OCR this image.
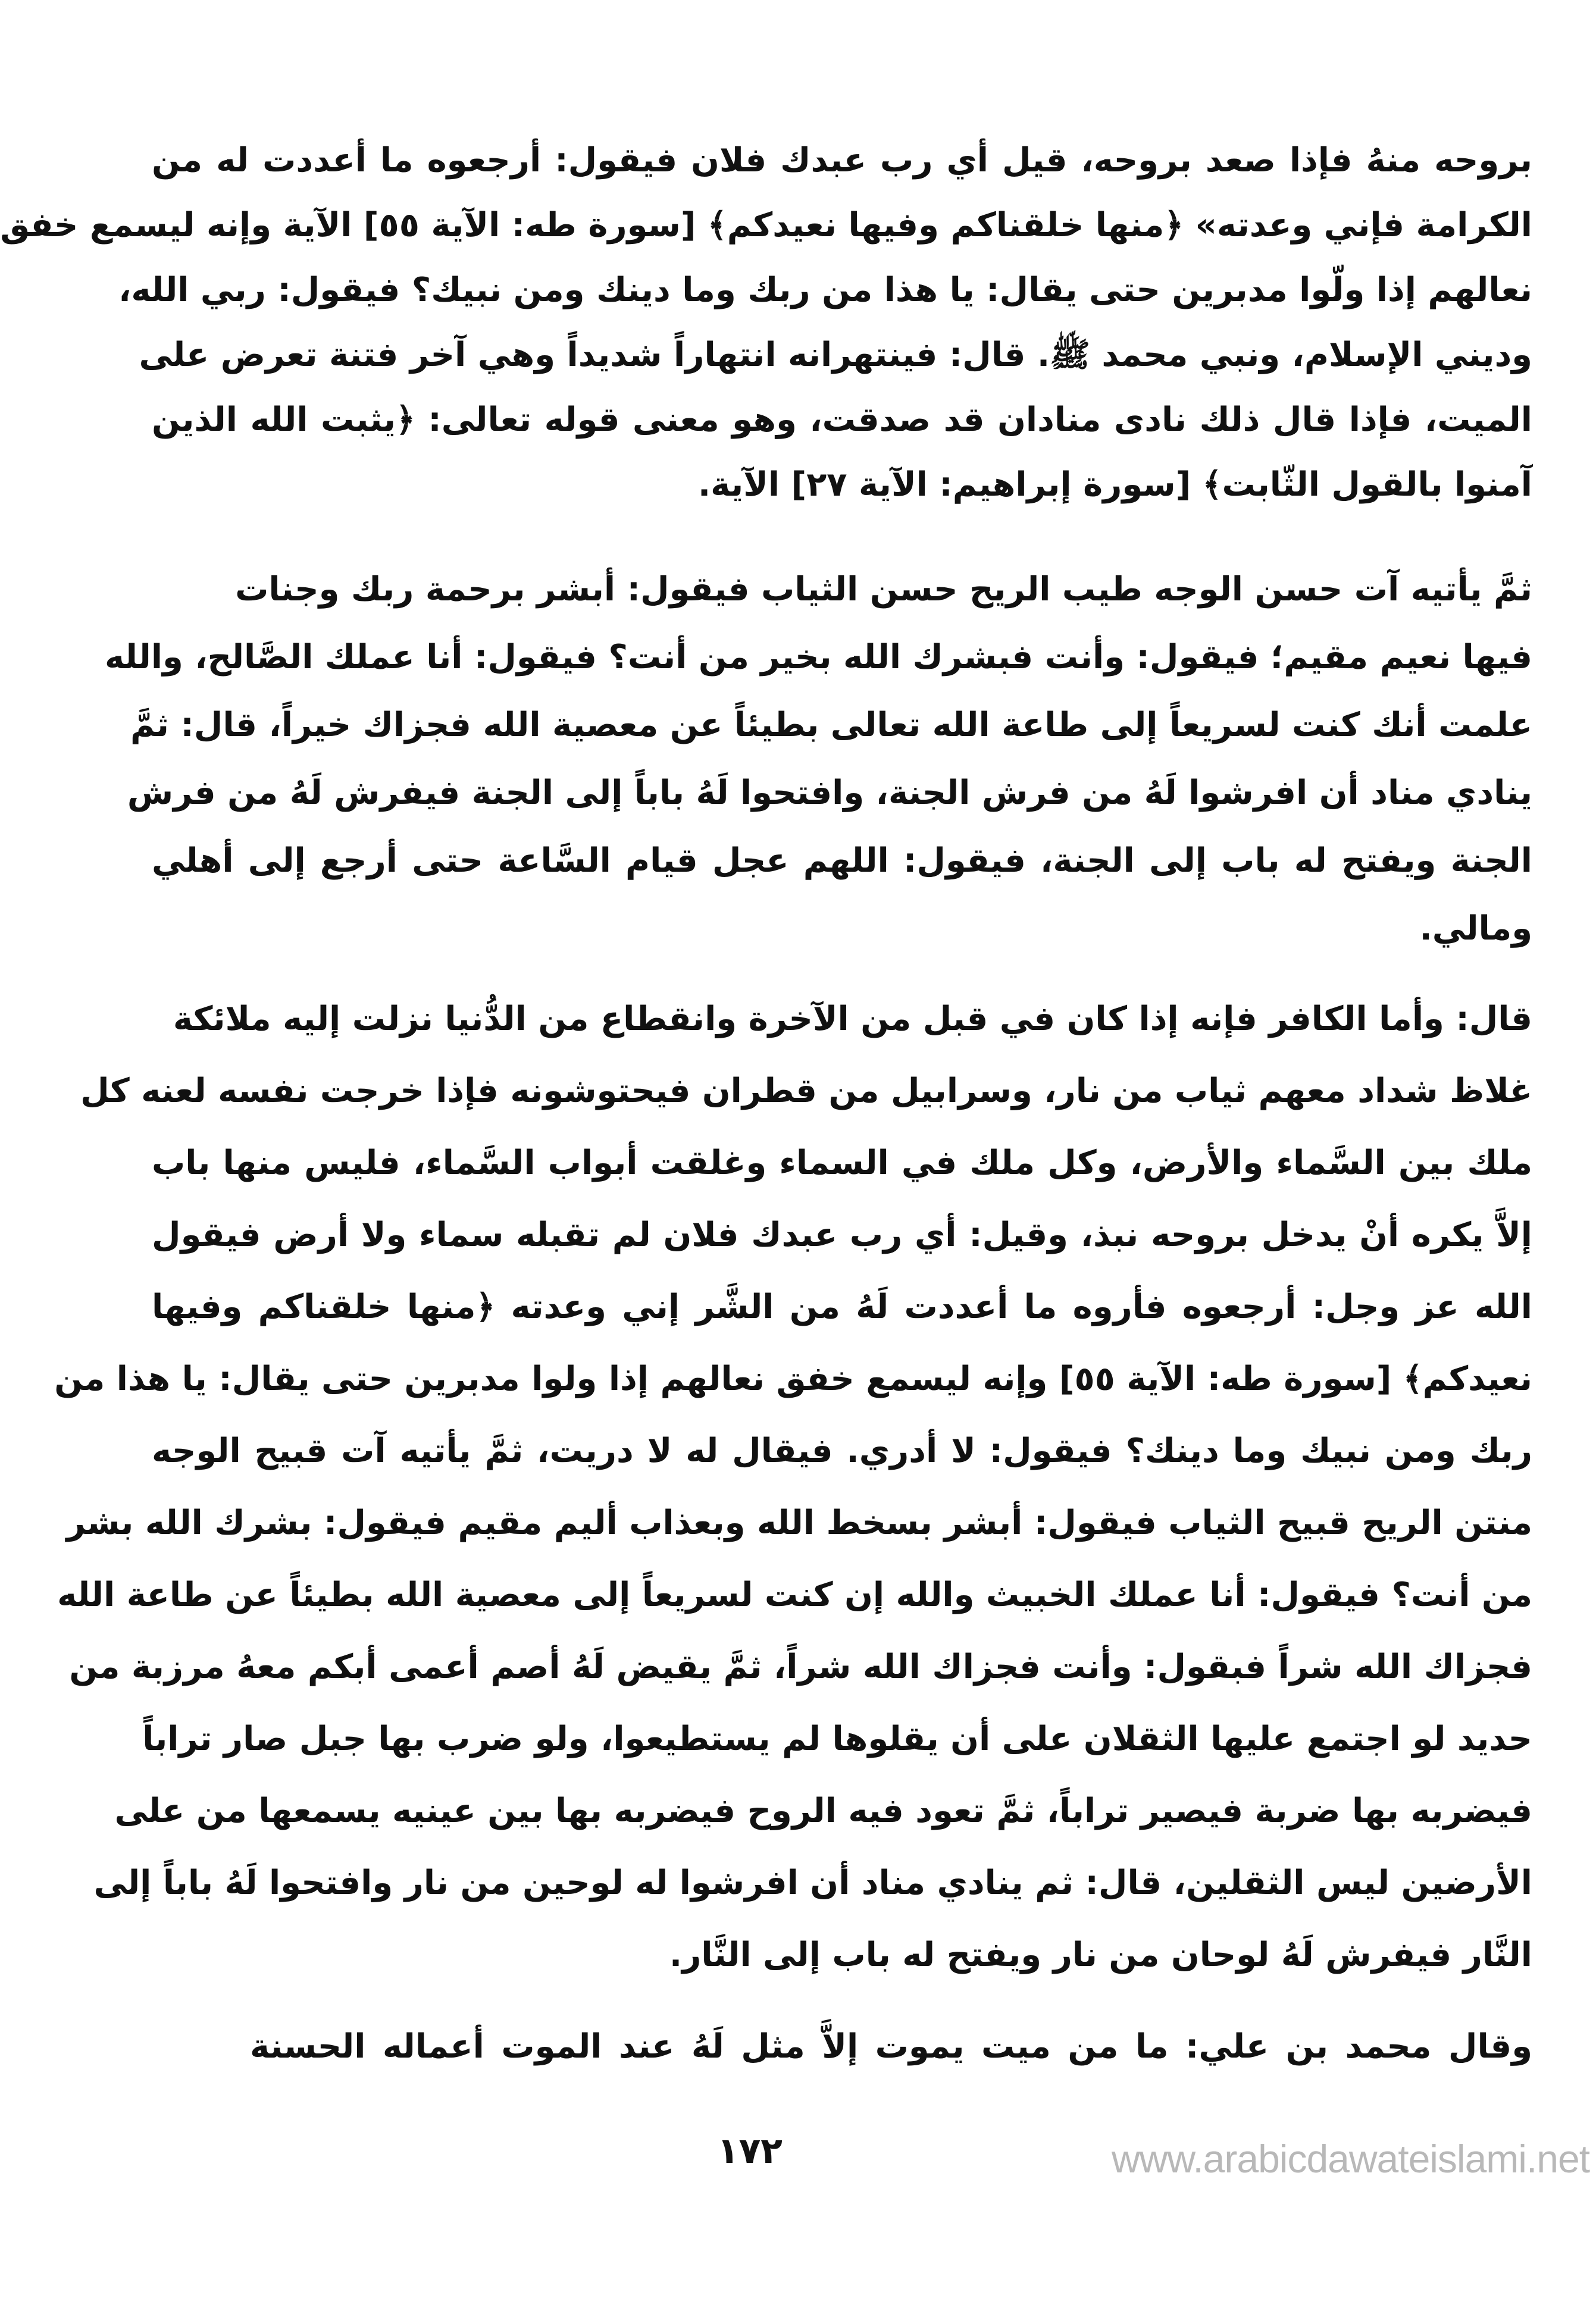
بروحه منهُ فإذا صعد بروحه، قيل أي رب عبدك فلان فيقول: أرجعوه ما أعددت له من
الكرامة فإني وعدته» ﴿منها خلقناكم وفيها نعيدكم﴾ [سورة طه: الآية ٥٥] الآية وإنه ليسمع خفق
نعالهم إذا ولّوا مدبرين حتى يقال: يا هذا من ربك وما دينك ومن نبيك؟ فيقول: ربي الله،
وديني الإسلام، ونبي محمد ﷺ. قال: فينتهرانه انتهاراً شديداً وهي آخر فتنة تعرض على
الميت، فإذا قال ذلك نادى منادان قد صدقت، وهو معنى قوله تعالى: ﴿يثبت الله الذين
آمنوا بالقول الثّابت﴾ [سورة إبراهيم: الآية ٢٧] الآية.
ثمَّ يأتيه آت حسن الوجه طيب الريح حسن الثياب فيقول: أبشر برحمة ربك وجنات
فيها نعيم مقيم؛ فيقول: وأنت فبشرك الله بخير من أنت؟ فيقول: أنا عملك الصَّالح، والله
علمت أنك كنت لسريعاً إلى طاعة الله تعالى بطيئاً عن معصية الله فجزاك خيراً، قال: ثمَّ
ينادي مناد أن افرشوا لَهُ من فرش الجنة، وافتحوا لَهُ باباً إلى الجنة فيفرش لَهُ من فرش
الجنة ويفتح له باب إلى الجنة، فيقول: اللهم عجل قيام السَّاعة حتى أرجع إلى أهلي
ومالي.
قال: وأما الكافر فإنه إذا كان في قبل من الآخرة وانقطاع من الدُّنيا نزلت إليه ملائكة
غلاظ شداد معهم ثياب من نار، وسرابيل من قطران فيحتوشونه فإذا خرجت نفسه لعنه كل
ملك بين السَّماء والأرض، وكل ملك في السماء وغلقت أبواب السَّماء، فليس منها باب
إلاَّ يكره أنْ يدخل بروحه نبذ، وقيل: أي رب عبدك فلان لم تقبله سماء ولا أرض فيقول
الله عز وجل: أرجعوه فأروه ما أعددت لَهُ من الشَّر إني وعدته ﴿منها خلقناكم وفيها
نعيدكم﴾ [سورة طه: الآية ٥٥] وإنه ليسمع خفق نعالهم إذا ولوا مدبرين حتى يقال: يا هذا من
ربك ومن نبيك وما دينك؟ فيقول: لا أدري. فيقال له لا دريت، ثمَّ يأتيه آت قبيح الوجه
منتن الريح قبيح الثياب فيقول: أبشر بسخط الله وبعذاب أليم مقيم فيقول: بشرك الله بشر
من أنت؟ فيقول: أنا عملك الخبيث والله إن كنت لسريعاً إلى معصية الله بطيئاً عن طاعة الله
فجزاك الله شراً فبقول: وأنت فجزاك الله شراً، ثمَّ يقيض لَهُ أصم أعمى أبكم معهُ مرزبة من
حديد لو اجتمع عليها الثقلان على أن يقلوها لم يستطيعوا، ولو ضرب بها جبل صار تراباً
فيضربه بها ضربة فيصير تراباً، ثمَّ تعود فيه الروح فيضربه بها بين عينيه يسمعها من على
الأرضين ليس الثقلين، قال: ثم ينادي مناد أن افرشوا له لوحين من نار وافتحوا لَهُ باباً إلى
النَّار فيفرش لَهُ لوحان من نار ويفتح له باب إلى النَّار.
وقال محمد بن علي: ما من ميت يموت إلاَّ مثل لَهُ عند الموت أعماله الحسنة
١٧٢	www.arabicdawateislami.net
